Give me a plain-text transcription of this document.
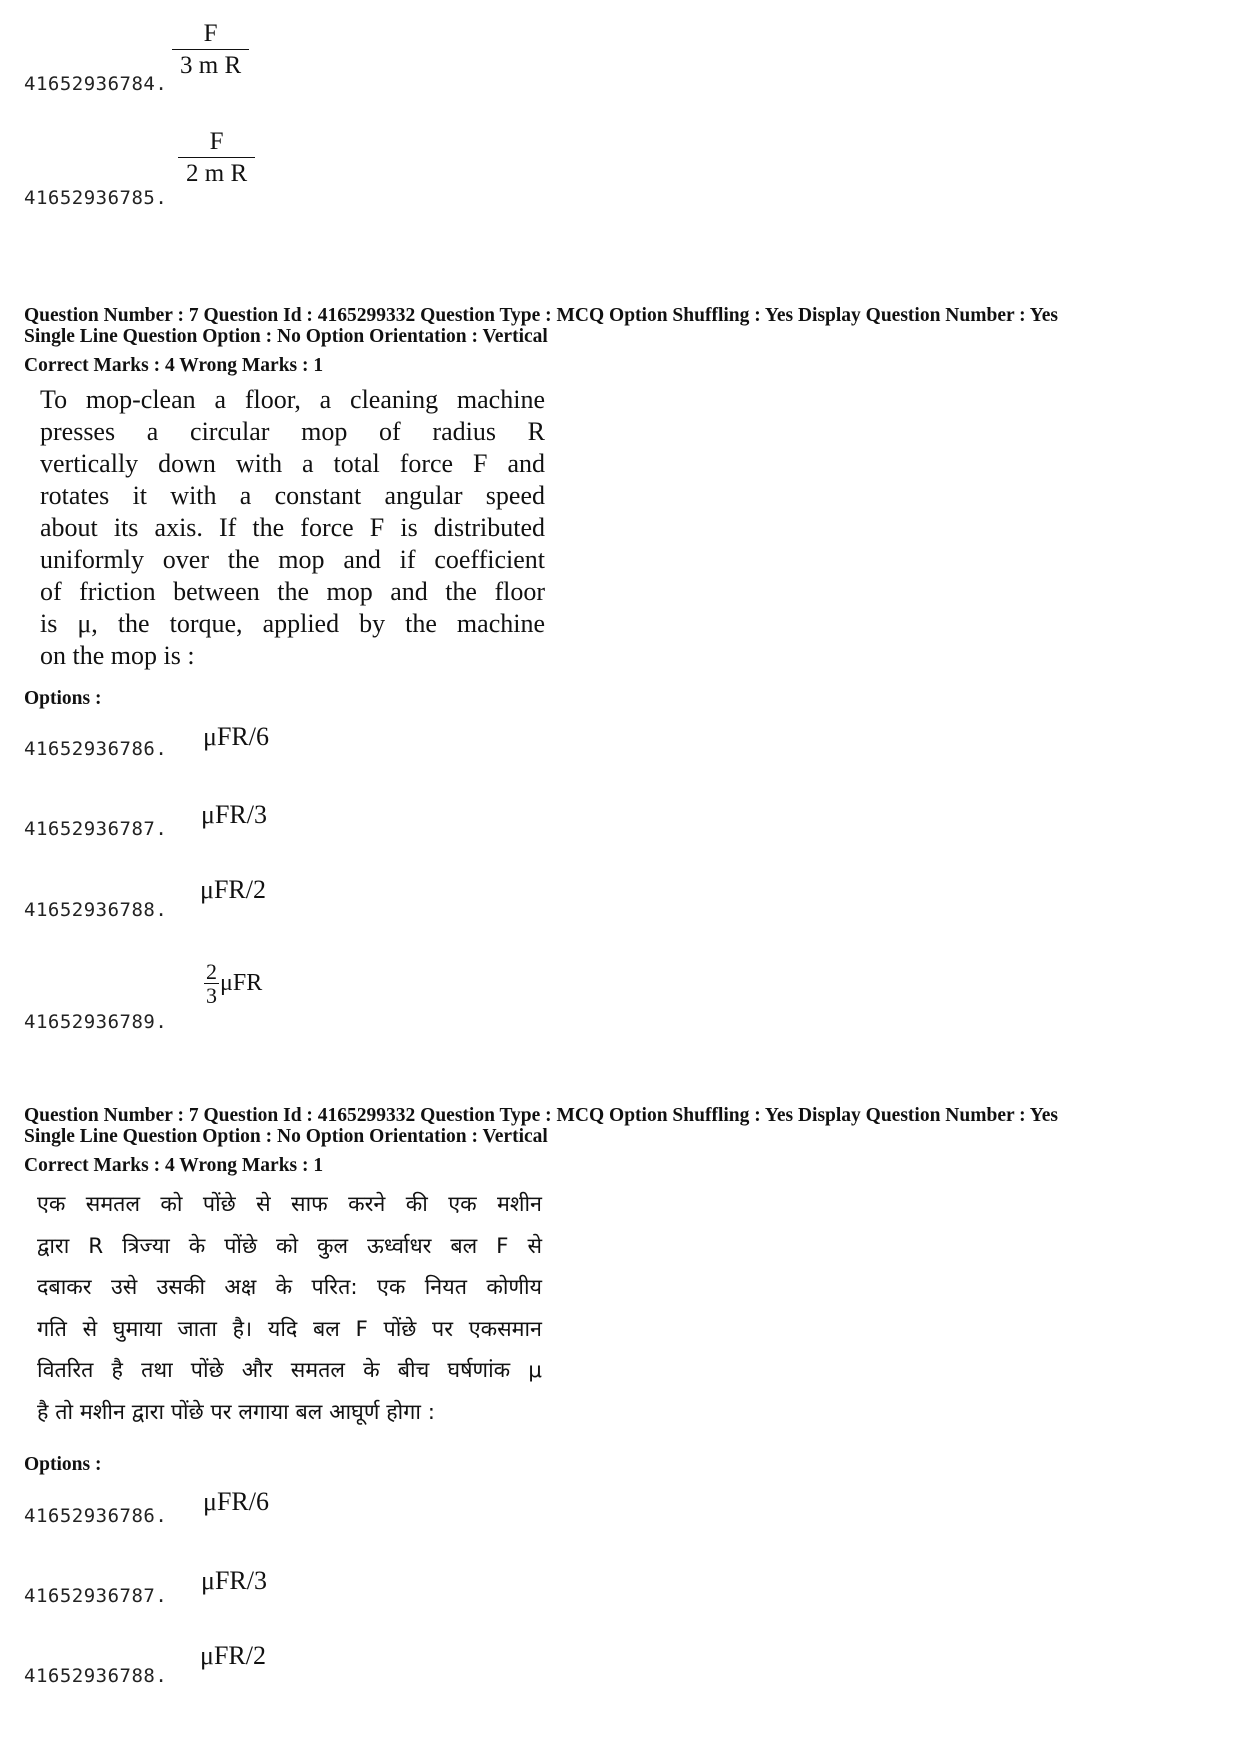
41652936784.
$\frac{F}{\text{3 m R}}$
41652936785.
$\frac{F}{\text{2 m R}}$
Question Number : 7 Question Id : 4165299332 Question Type : MCQ Option Shuffling : Yes Display Question Number : Yes
Single Line Question Option : No Option Orientation : Vertical
Correct Marks : 4 Wrong Marks : 1
To mop-clean a floor, a cleaning machine
presses a circular mop of radius R
vertically down with a total force F and
rotates it with a constant angular speed
about its axis. If the force F is distributed
uniformly over the mop and if coefficient
of friction between the mop and the floor
is μ, the torque, applied by the machine
on the mop is :
Options :
41652936786. μFR/6
41652936787. μFR/3
41652936788.
μFR/2
41652936789.
$\frac{2}{3}$ μFR
Question Number : 7 Question Id : 4165299332 Question Type : MCQ Option Shuffling : Yes Display Question Number : Yes
Single Line Question Option : No Option Orientation : Vertical
Correct Marks : 4 Wrong Marks : 1
एक समतल को पोंछे से साफ करने की एक मशीन
द्वारा R त्रिज्या के पोंछे को कुल ऊर्ध्वाधर बल F से
दबाकर उसे उसकी अक्ष के परित: एक नियत कोणीय
गति से घुमाया जाता है। यदि बल F पोंछे पर एकसमान
वितरित है तथा पोंछे और समतल के बीच घर्षणांक μ
है तो मशीन द्वारा पोंछे पर लगाया बल आघूर्ण होगा :
Options :
41652936786. μFR/6
41652936787.
μFR/3
41652936788.
μFR/2
